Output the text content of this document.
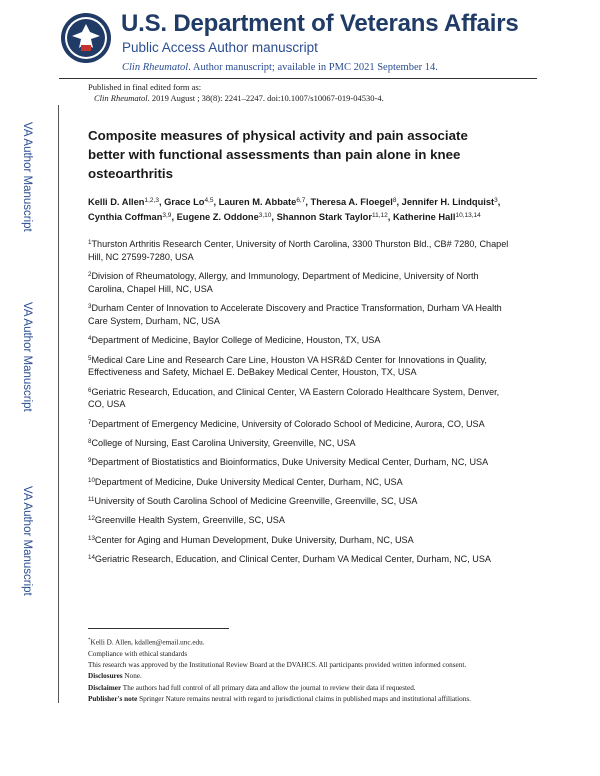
U.S. Department of Veterans Affairs
Public Access Author manuscript
Clin Rheumatol. Author manuscript; available in PMC 2021 September 14.
Published in final edited form as:
Clin Rheumatol. 2019 August ; 38(8): 2241–2247. doi:10.1007/s10067-019-04530-4.
VA Author Manuscript
VA Author Manuscript
VA Author Manuscript
Composite measures of physical activity and pain associate better with functional assessments than pain alone in knee osteoarthritis
Kelli D. Allen$^{1,2,3}$, Grace Lo$^{4,5}$, Lauren M. Abbate$^{6,7}$, Theresa A. Floegel$^8$, Jennifer H. Lindquist$^3$, Cynthia Coffman$^{3,9}$, Eugene Z. Oddone$^{3,10}$, Shannon Stark Taylor$^{11,12}$, Katherine Hall$^{10,13,14}$
$^1$Thurston Arthritis Research Center, University of North Carolina, 3300 Thurston Bld., CB# 7280, Chapel Hill, NC 27599-7280, USA
$^2$Division of Rheumatology, Allergy, and Immunology, Department of Medicine, University of North Carolina, Chapel Hill, NC, USA
$^3$Durham Center of Innovation to Accelerate Discovery and Practice Transformation, Durham VA Health Care System, Durham, NC, USA
$^4$Department of Medicine, Baylor College of Medicine, Houston, TX, USA
$^5$Medical Care Line and Research Care Line, Houston VA HSR&D Center for Innovations in Quality, Effectiveness and Safety, Michael E. DeBakey Medical Center, Houston, TX, USA
$^6$Geriatric Research, Education, and Clinical Center, VA Eastern Colorado Healthcare System, Denver, CO, USA
$^7$Department of Emergency Medicine, University of Colorado School of Medicine, Aurora, CO, USA
$^8$College of Nursing, East Carolina University, Greenville, NC, USA
$^9$Department of Biostatistics and Bioinformatics, Duke University Medical Center, Durham, NC, USA
$^{10}$Department of Medicine, Duke University Medical Center, Durham, NC, USA
$^{11}$University of South Carolina School of Medicine Greenville, Greenville, SC, USA
$^{12}$Greenville Health System, Greenville, SC, USA
$^{13}$Center for Aging and Human Development, Duke University, Durham, NC, USA
$^{14}$Geriatric Research, Education, and Clinical Center, Durham VA Medical Center, Durham, NC, USA
*Kelli D. Allen, kdallen@email.unc.edu.
Compliance with ethical standards
This research was approved by the Institutional Review Board at the DVAHCS. All participants provided written informed consent.
Disclosures None.
Disclaimer The authors had full control of all primary data and allow the journal to review their data if requested.
Publisher's note Springer Nature remains neutral with regard to jurisdictional claims in published maps and institutional affiliations.
